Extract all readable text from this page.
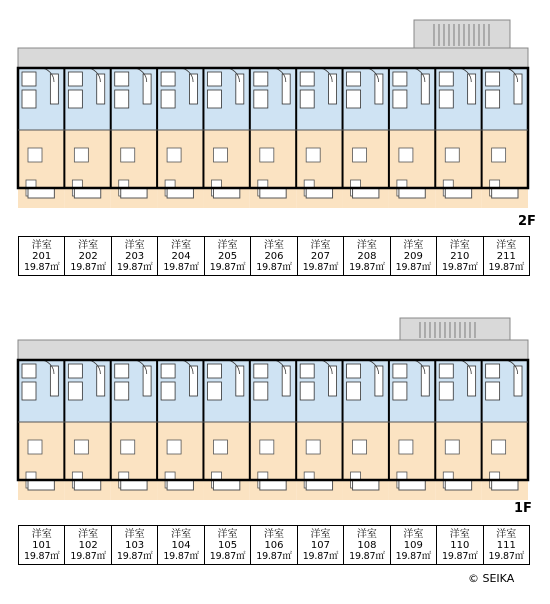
2F
洋室
201
19.87㎡

洋室
202
19.87㎡

洋室
203
19.87㎡

洋室
204
19.87㎡

洋室
205
19.87㎡

洋室
206
19.87㎡

洋室
207
19.87㎡

洋室
208
19.87㎡

洋室
209
19.87㎡

洋室
210
19.87㎡

洋室
211
19.87㎡
1F
洋室
101
19.87㎡

洋室
102
19.87㎡

洋室
103
19.87㎡

洋室
104
19.87㎡

洋室
105
19.87㎡

洋室
106
19.87㎡

洋室
107
19.87㎡

洋室
108
19.87㎡

洋室
109
19.87㎡

洋室
110
19.87㎡

洋室
111
19.87㎡
© SEIKA
